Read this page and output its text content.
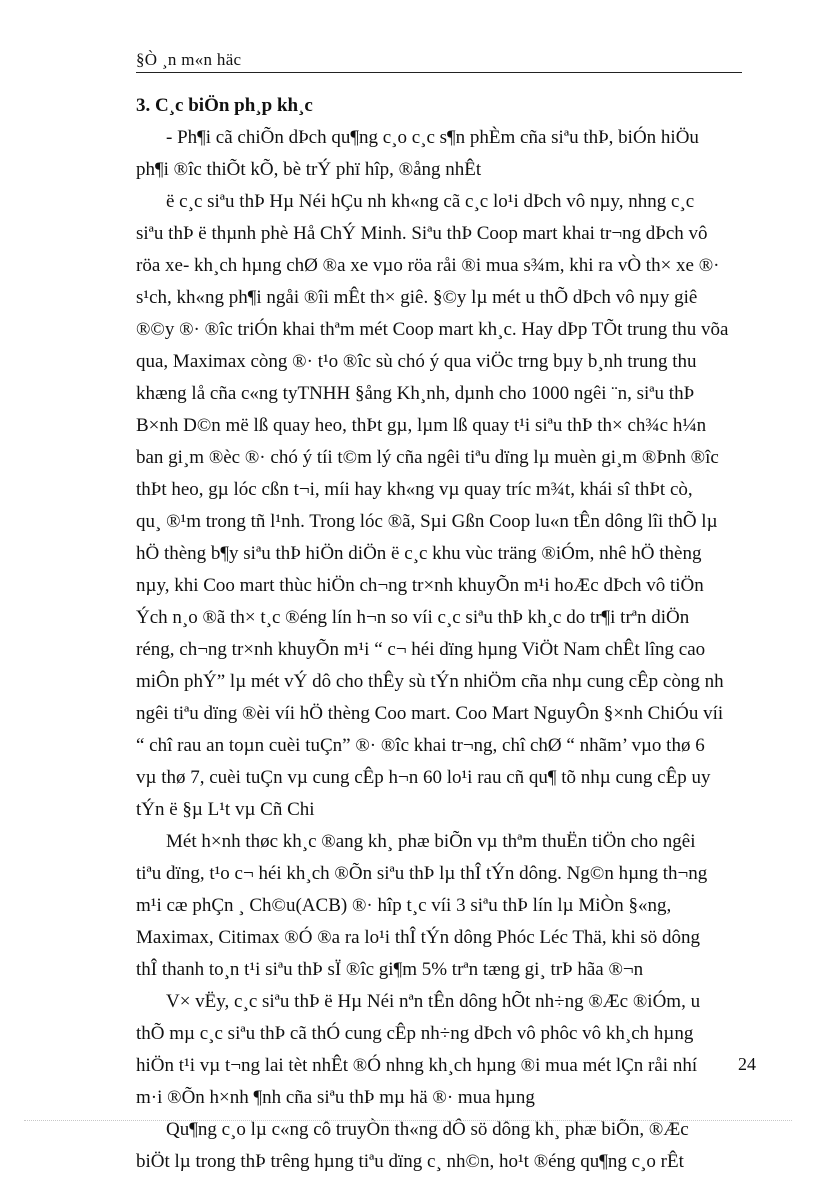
§Ò ¸n m«n häc

3. C¸c biÖn ph¸p kh¸c

- Ph¶i cã chiÕn dÞch qu¶ng c¸o c¸c s¶n phÈm cña siªu thÞ, biÓn hiÖu
ph¶i ®îc thiÕt kÕ, bè trÝ phï hîp, ®ång nhÊt

ë c¸c siªu thÞ Hµ Néi hÇu nh kh«ng cã c¸c lo¹i dÞch vô nµy, nhng c¸c
siªu thÞ ë thµnh phè Hå ChÝ Minh. Siªu thÞ Coop mart khai tr¬ng dÞch vô
röa xe- kh¸ch hµng chØ ®a xe vµo röa råi ®i mua s¾m, khi ra vÒ th× xe ®·
s¹ch, kh«ng ph¶i ngåi ®îi mÊt th× giê. §©y lµ mét u thÕ dÞch vô nµy giê
®©y ®· ®îc triÓn khai thªm mét Coop mart kh¸c. Hay dÞp TÕt trung thu võa
qua, Maximax còng ®· t¹o ®îc sù chó ý qua viÖc trng bµy b¸nh trung thu
khæng lå cña c«ng tyTNHH §ång Kh¸nh, dµnh cho 1000 ngêi ¨n, siªu thÞ
B×nh D©n më lß quay heo, thÞt gµ, lµm lß quay t¹i siªu thÞ th× ch¾c h¼n
ban gi¸m ®èc ®· chó ý tíi t©m lý cña ngêi tiªu dïng lµ muèn gi¸m ®Þnh ®îc
thÞt heo, gµ lóc cßn t¬i, míi hay kh«ng vµ quay tríc m¾t, khái sî thÞt cò,
qu¸ ®¹m trong tñ l¹nh. Trong lóc ®ã, Sµi Gßn Coop lu«n tÊn dông lîi thÕ lµ
hÖ thèng b¶y siªu thÞ hiÖn diÖn ë c¸c khu vùc träng ®iÓm, nhê hÖ thèng
nµy, khi Coo mart thùc hiÖn ch¬ng tr×nh khuyÕn m¹i hoÆc dÞch vô tiÖn
Ých n¸o ®ã th× t¸c ®éng lín h¬n so víi c¸c siªu thÞ kh¸c do tr¶i trªn diÖn
réng, ch¬ng tr×nh khuyÕn m¹i “ c¬ héi dïng hµng ViÖt Nam chÊt lîng cao
miÔn phÝ” lµ mét vÝ dô cho thÊy sù tÝn nhiÖm cña nhµ cung cÊp còng nh
ngêi tiªu dïng ®èi víi hÖ thèng Coo mart. Coo Mart NguyÔn §×nh ChiÓu víi
“ chî rau an toµn cuèi tuÇn” ®· ®îc khai tr¬ng, chî chØ “ nhãm’ vµo thø 6
vµ thø 7, cuèi tuÇn vµ cung cÊp h¬n 60 lo¹i rau cñ qu¶ tõ nhµ cung cÊp uy
tÝn ë §µ L¹t vµ Cñ Chi

Mét h×nh thøc kh¸c ®ang kh¸ phæ biÕn vµ thªm thuËn tiÖn cho ngêi
tiªu dïng, t¹o c¬ héi kh¸ch ®Õn siªu thÞ lµ thÎ tÝn dông. Ng©n hµng th¬ng
m¹i cæ phÇn ¸ Ch©u(ACB) ®· hîp t¸c víi 3 siªu thÞ lín lµ MiÒn §«ng,
Maximax, Citimax ®Ó ®a ra lo¹i thÎ tÝn dông Phóc Léc Thä, khi sö dông
thÎ thanh to¸n t¹i siªu thÞ sÏ ®îc gi¶m 5% trªn tæng gi¸ trÞ hãa ®¬n

V× vËy, c¸c siªu thÞ ë Hµ Néi nªn tÊn dông hÕt nh÷ng ®Æc ®iÓm, u
thÕ mµ c¸c siªu thÞ cã thÓ cung cÊp nh÷ng dÞch vô phôc vô kh¸ch hµng
hiÖn t¹i vµ t¬ng lai tèt nhÊt ®Ó nhng kh¸ch hµng ®i mua mét lÇn råi nhí
m·i ®Õn h×nh ¶nh cña siªu thÞ mµ hä ®· mua hµng

Qu¶ng c¸o lµ c«ng cô truyÒn th«ng dÔ sö dông kh¸ phæ biÕn, ®Æc
biÖt lµ trong thÞ trêng hµng tiªu dïng c¸ nh©n, ho¹t ®éng qu¶ng c¸o rÊt

24
